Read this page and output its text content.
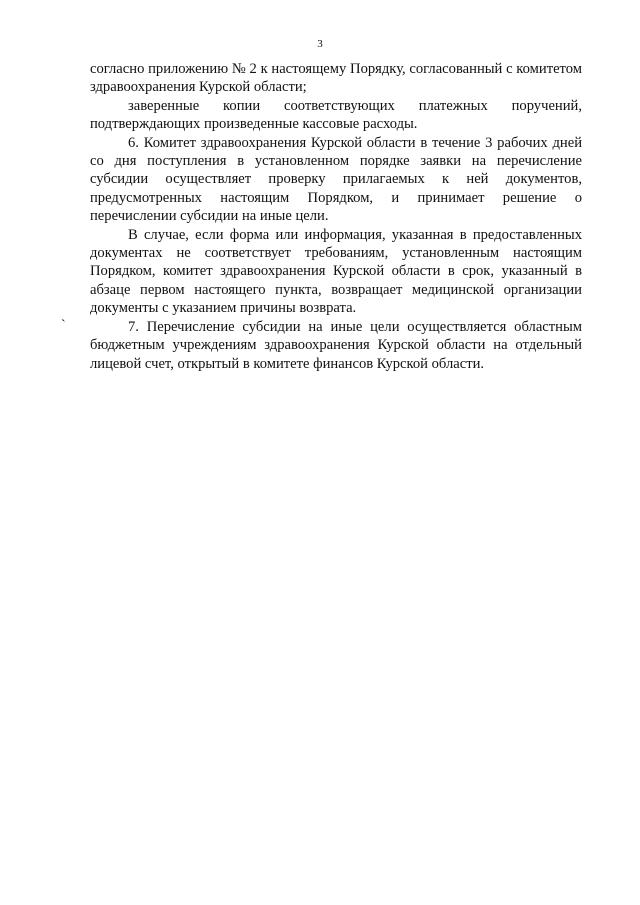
3
`

согласно приложению № 2 к настоящему Порядку, согласованный с комитетом здравоохранения Курской области;

заверенные копии соответствующих платежных поручений, подтверждающих произведенные кассовые расходы.

6. Комитет здравоохранения Курской области в течение 3 рабочих дней со дня поступления в установленном порядке заявки на перечисление субсидии осуществляет проверку прилагаемых к ней документов, предусмотренных настоящим Порядком, и принимает решение о перечислении субсидии на иные цели.

В случае, если форма или информация, указанная в предоставленных документах не соответствует требованиям, установленным настоящим Порядком, комитет здравоохранения Курской области в срок, указанный в абзаце первом настоящего пункта, возвращает медицинской организации документы с указанием причины возврата.

7. Перечисление субсидии на иные цели осуществляется областным бюджетным учреждениям здравоохранения Курской области на отдельный лицевой счет, открытый в комитете финансов Курской области.
